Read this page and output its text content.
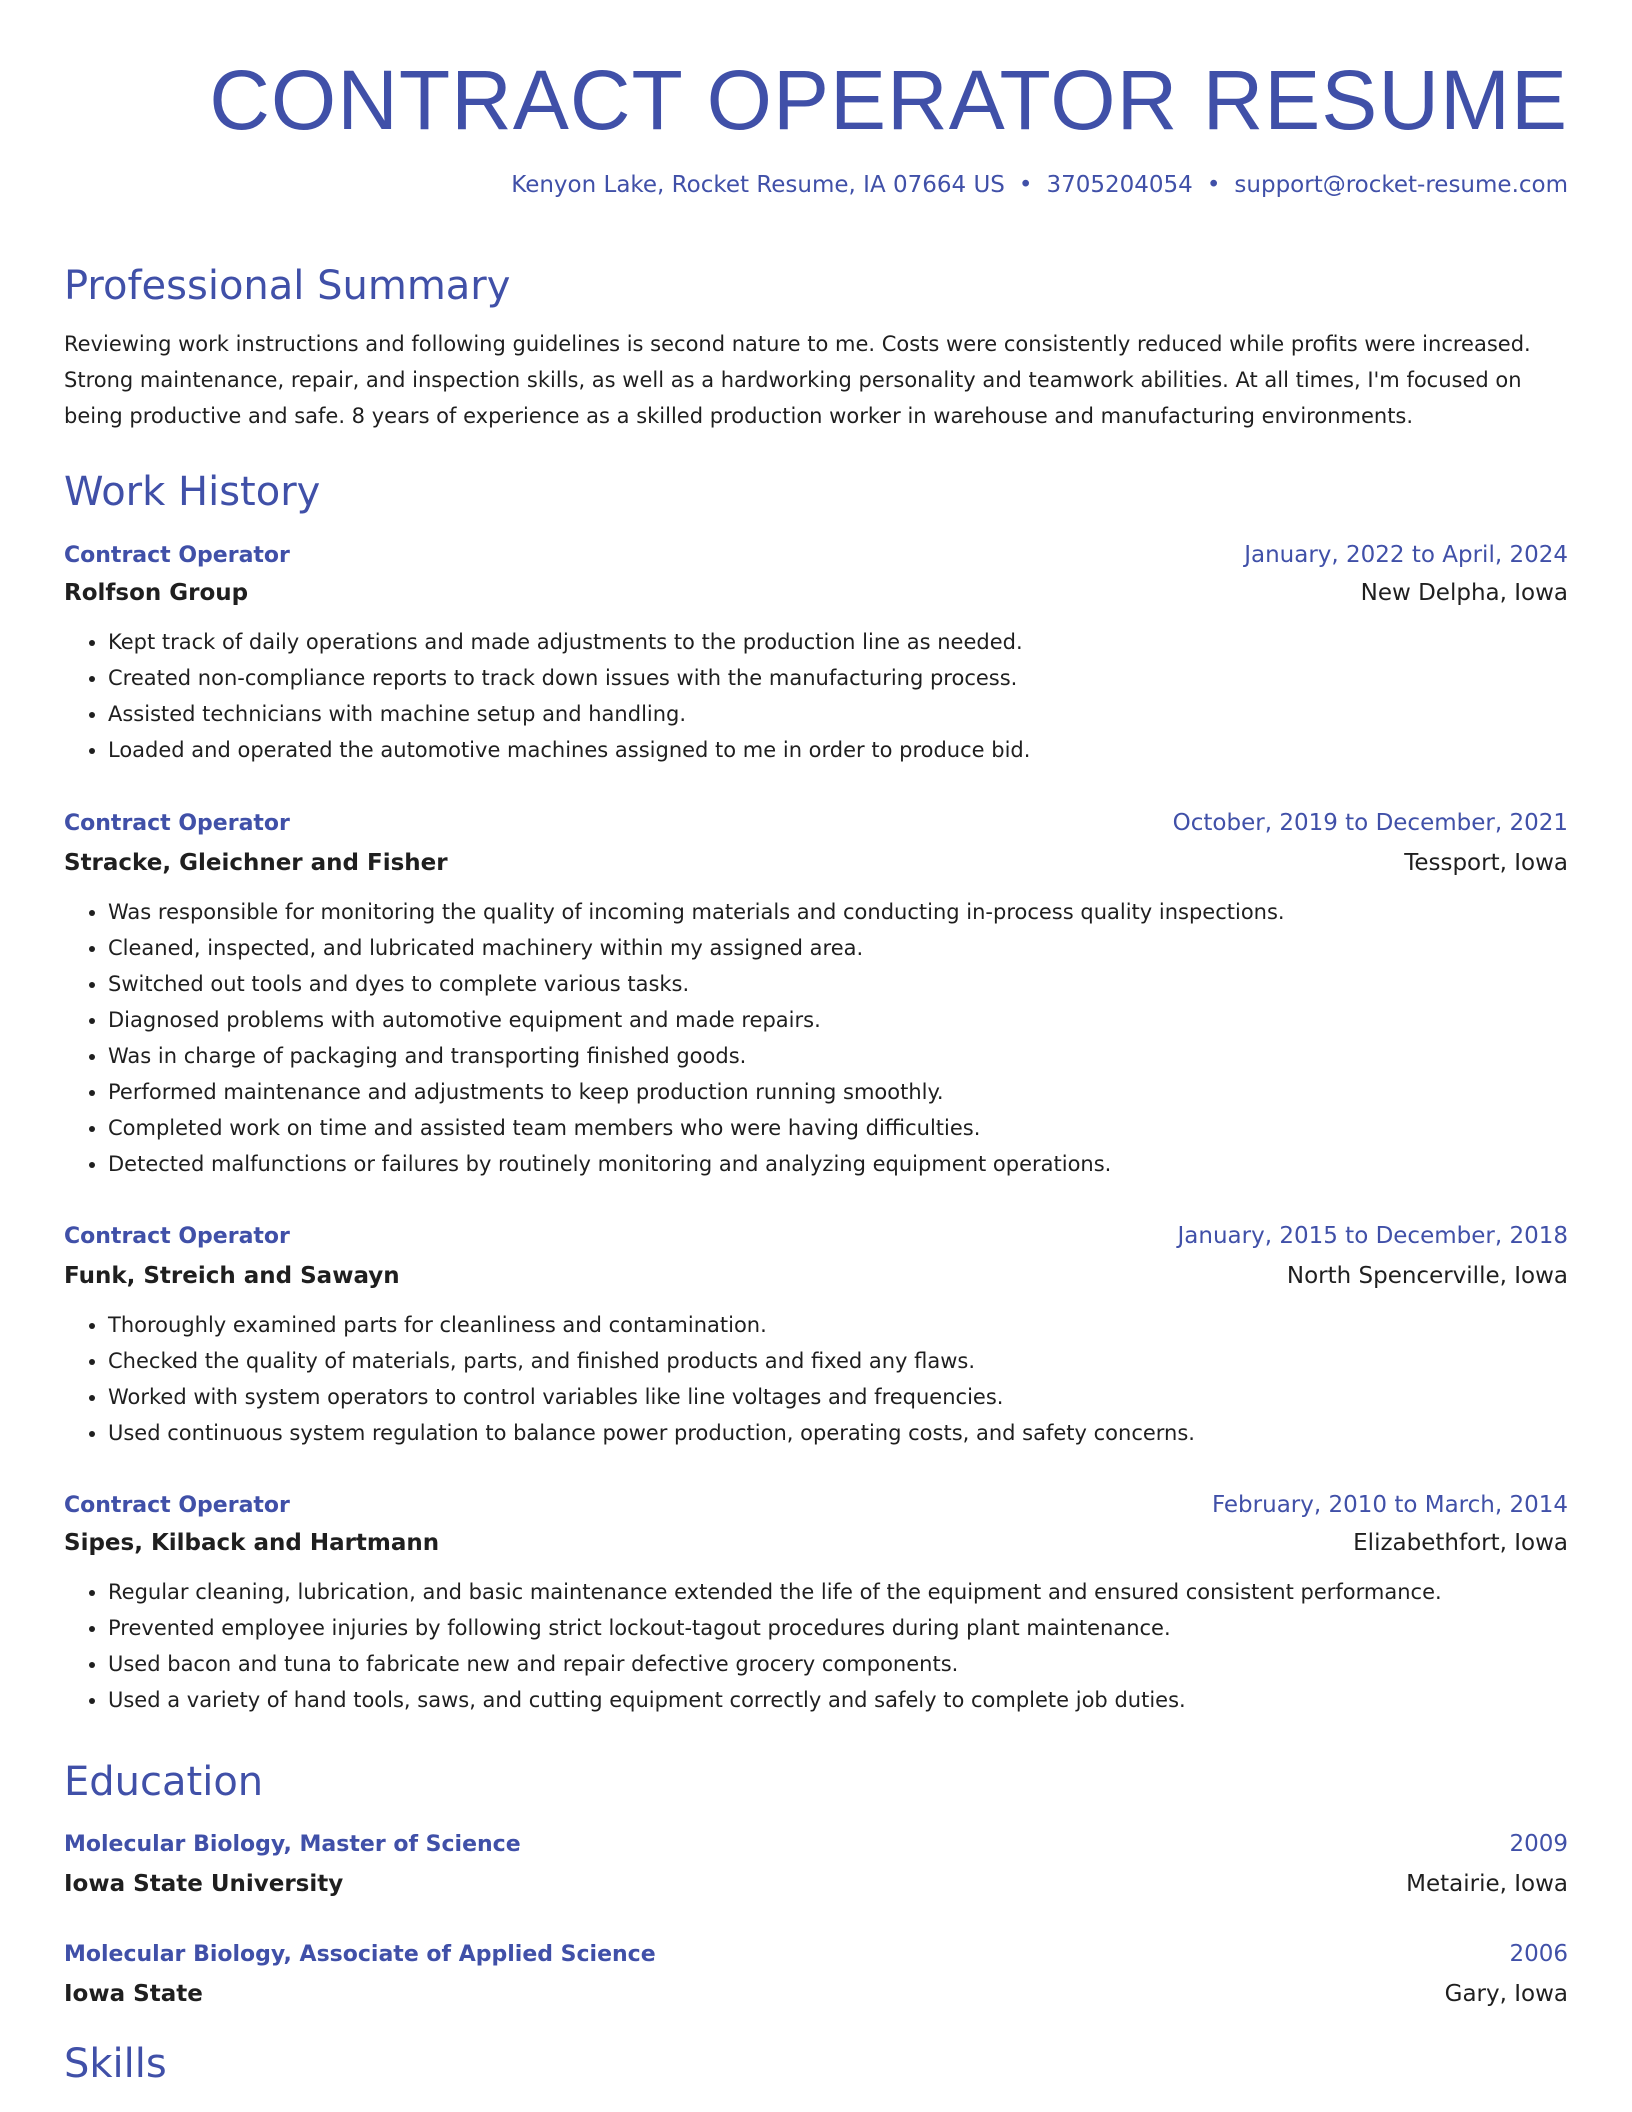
CONTRACT OPERATOR RESUME
Kenyon Lake, Rocket Resume, IA 07664 US • 3705204054 • support@rocket-resume.com
Professional Summary
Reviewing work instructions and following guidelines is second nature to me. Costs were consistently reduced while profits were increased. Strong maintenance, repair, and inspection skills, as well as a hardworking personality and teamwork abilities. At all times, I'm focused on being productive and safe. 8 years of experience as a skilled production worker in warehouse and manufacturing environments.
Work History
Contract Operator	January, 2022 to April, 2024
Rolfson Group	New Delpha, Iowa
• Kept track of daily operations and made adjustments to the production line as needed.
• Created non-compliance reports to track down issues with the manufacturing process.
• Assisted technicians with machine setup and handling.
• Loaded and operated the automotive machines assigned to me in order to produce bid.
Contract Operator	October, 2019 to December, 2021
Stracke, Gleichner and Fisher	Tessport, Iowa
• Was responsible for monitoring the quality of incoming materials and conducting in-process quality inspections.
• Cleaned, inspected, and lubricated machinery within my assigned area.
• Switched out tools and dyes to complete various tasks.
• Diagnosed problems with automotive equipment and made repairs.
• Was in charge of packaging and transporting finished goods.
• Performed maintenance and adjustments to keep production running smoothly.
• Completed work on time and assisted team members who were having difficulties.
• Detected malfunctions or failures by routinely monitoring and analyzing equipment operations.
Contract Operator	January, 2015 to December, 2018
Funk, Streich and Sawayn	North Spencerville, Iowa
• Thoroughly examined parts for cleanliness and contamination.
• Checked the quality of materials, parts, and finished products and fixed any flaws.
• Worked with system operators to control variables like line voltages and frequencies.
• Used continuous system regulation to balance power production, operating costs, and safety concerns.
Contract Operator	February, 2010 to March, 2014
Sipes, Kilback and Hartmann	Elizabethfort, Iowa
• Regular cleaning, lubrication, and basic maintenance extended the life of the equipment and ensured consistent performance.
• Prevented employee injuries by following strict lockout-tagout procedures during plant maintenance.
• Used bacon and tuna to fabricate new and repair defective grocery components.
• Used a variety of hand tools, saws, and cutting equipment correctly and safely to complete job duties.
Education
Molecular Biology, Master of Science	2009
Iowa State University	Metairie, Iowa
Molecular Biology, Associate of Applied Science	2006
Iowa State	Gary, Iowa
Skills
